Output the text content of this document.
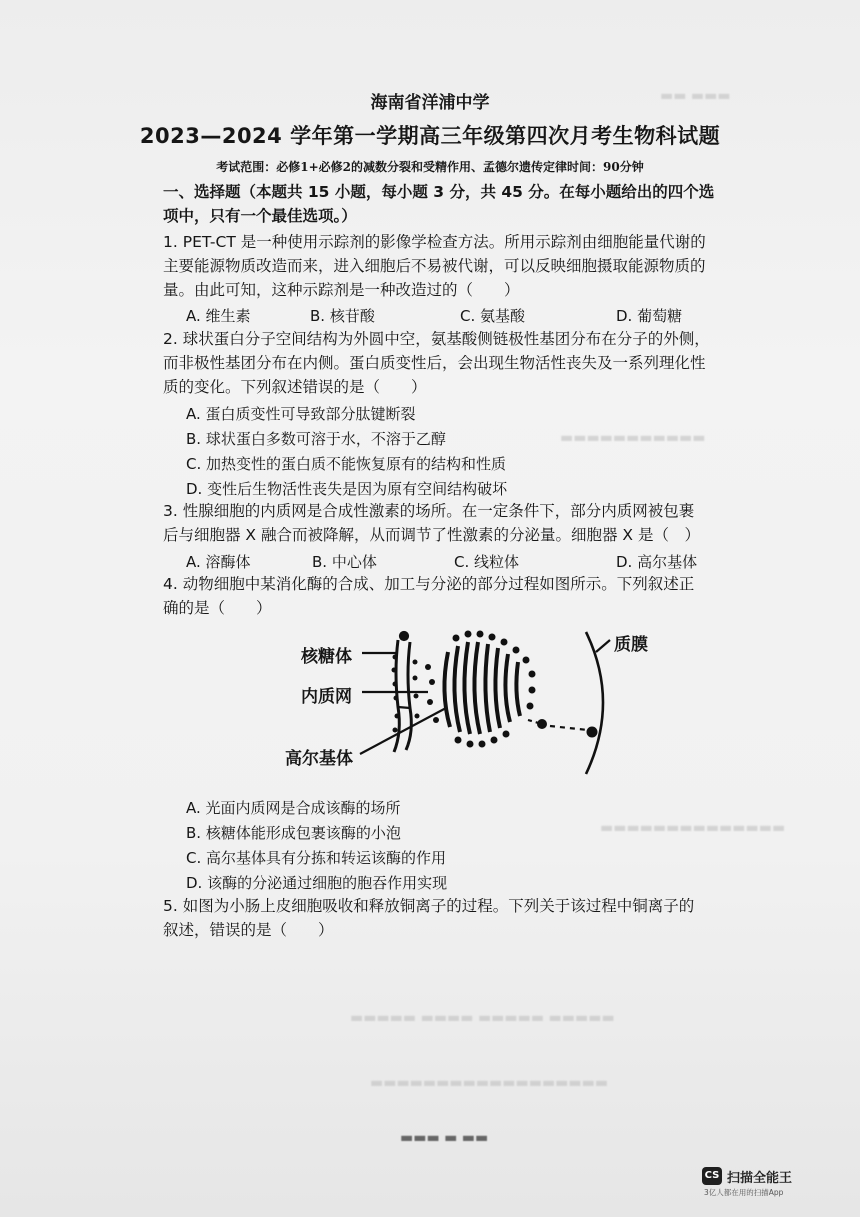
▬▬ ▬▬▬
▬▬▬▬▬▬▬▬▬▬▬
▬▬▬▬▬▬▬▬▬▬▬▬▬▬
▬▬▬▬▬ ▬▬▬▬ ▬▬▬▬▬ ▬▬▬▬▬
▬▬▬▬▬▬▬▬▬▬▬▬▬▬▬▬▬▬
海南省洋浦中学
2023—2024 学年第一学期高三年级第四次月考生物科试题
考试范围：必修1+必修2的减数分裂和受精作用、孟德尔遗传定律时间：90分钟
一、选择题（本题共 15 小题，每小题 3 分，共 45 分。在每小题给出的四个选
项中，只有一个最佳选项。）
1. PET-CT 是一种使用示踪剂的影像学检查方法。所用示踪剂由细胞能量代谢的
主要能源物质改造而来，进入细胞后不易被代谢，可以反映细胞摄取能源物质的
量。由此可知，这种示踪剂是一种改造过的（　　）
A. 维生素	B. 核苷酸	C. 氨基酸	D. 葡萄糖
2. 球状蛋白分子空间结构为外圆中空，氨基酸侧链极性基团分布在分子的外侧，
而非极性基团分布在内侧。蛋白质变性后，会出现生物活性丧失及一系列理化性
质的变化。下列叙述错误的是（　　）
A. 蛋白质变性可导致部分肽键断裂
B. 球状蛋白多数可溶于水，不溶于乙醇
C. 加热变性的蛋白质不能恢复原有的结构和性质
D. 变性后生物活性丧失是因为原有空间结构破坏
3. 性腺细胞的内质网是合成性激素的场所。在一定条件下，部分内质网被包裹
后与细胞器 X 融合而被降解，从而调节了性激素的分泌量。细胞器 X 是（　）
A. 溶酶体	B. 中心体	C. 线粒体	D. 高尔基体
4. 动物细胞中某消化酶的合成、加工与分泌的部分过程如图所示。下列叙述正
确的是（　　）
核糖体
内质网
高尔基体
质膜
A. 光面内质网是合成该酶的场所
B. 核糖体能形成包裹该酶的小泡
C. 高尔基体具有分拣和转运该酶的作用
D. 该酶的分泌通过细胞的胞吞作用实现
5. 如图为小肠上皮细胞吸收和释放铜离子的过程。下列关于该过程中铜离子的
叙述，错误的是（　　）
▬▬▬ ▬ ▬▬
CS 扫描全能王
3亿人都在用的扫描App
